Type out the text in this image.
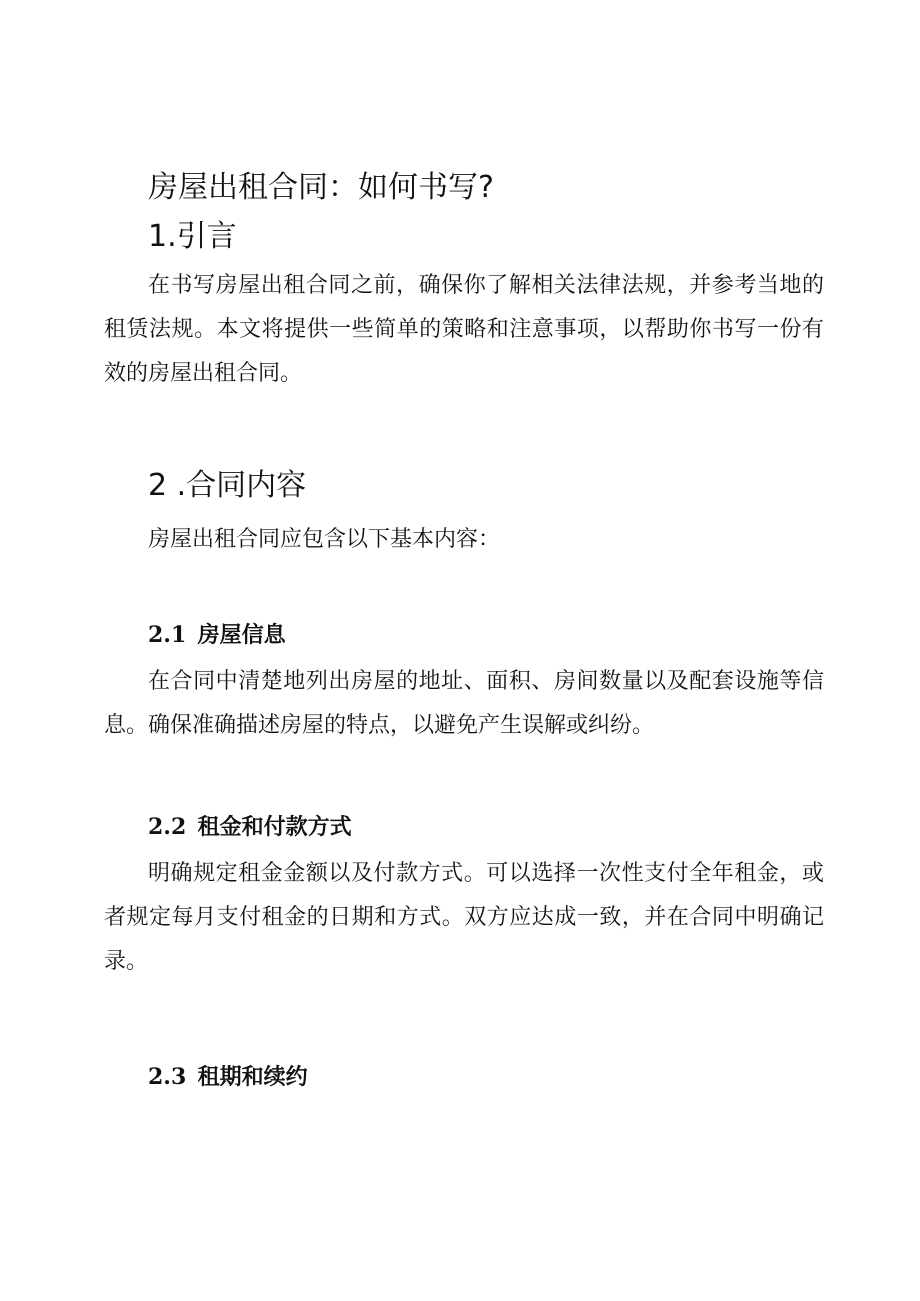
房屋出租合同：如何书写?
1.引言

在书写房屋出租合同之前，确保你了解相关法律法规，并参考当地的租赁法规。本文将提供一些简单的策略和注意事项，以帮助你书写一份有效的房屋出租合同。

2 .合同内容

房屋出租合同应包含以下基本内容：

2.1 房屋信息

在合同中清楚地列出房屋的地址、面积、房间数量以及配套设施等信息。确保准确描述房屋的特点，以避免产生误解或纠纷。

2.2 租金和付款方式

明确规定租金金额以及付款方式。可以选择一次性支付全年租金，或者规定每月支付租金的日期和方式。双方应达成一致，并在合同中明确记录。

2.3 租期和续约
